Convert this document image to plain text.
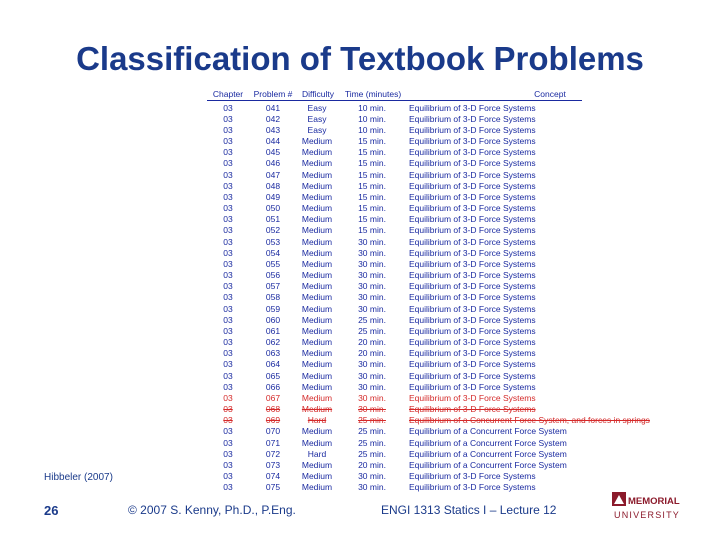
Classification of Textbook Problems
Chapter	Problem #	Difficulty	Time (minutes)	Concept
03	041	Easy	10 min.	Equilibrium of 3-D Force Systems
03	042	Easy	10 min.	Equilibrium of 3-D Force Systems
03	043	Easy	10 min.	Equilibrium of 3-D Force Systems
03	044	Medium	15 min.	Equilibrium of 3-D Force Systems
03	045	Medium	15 min.	Equilibrium of 3-D Force Systems
03	046	Medium	15 min.	Equilibrium of 3-D Force Systems
03	047	Medium	15 min.	Equilibrium of 3-D Force Systems
03	048	Medium	15 min.	Equilibrium of 3-D Force Systems
03	049	Medium	15 min.	Equilibrium of 3-D Force Systems
03	050	Medium	15 min.	Equilibrium of 3-D Force Systems
03	051	Medium	15 min.	Equilibrium of 3-D Force Systems
03	052	Medium	15 min.	Equilibrium of 3-D Force Systems
03	053	Medium	30 min.	Equilibrium of 3-D Force Systems
03	054	Medium	30 min.	Equilibrium of 3-D Force Systems
03	055	Medium	30 min.	Equilibrium of 3-D Force Systems
03	056	Medium	30 min.	Equilibrium of 3-D Force Systems
03	057	Medium	30 min.	Equilibrium of 3-D Force Systems
03	058	Medium	30 min.	Equilibrium of 3-D Force Systems
03	059	Medium	30 min.	Equilibrium of 3-D Force Systems
03	060	Medium	25 min.	Equilibrium of 3-D Force Systems
03	061	Medium	25 min.	Equilibrium of 3-D Force Systems
03	062	Medium	20 min.	Equilibrium of 3-D Force Systems
03	063	Medium	20 min.	Equilibrium of 3-D Force Systems
03	064	Medium	30 min.	Equilibrium of 3-D Force Systems
03	065	Medium	30 min.	Equilibrium of 3-D Force Systems
03	066	Medium	30 min.	Equilibrium of 3-D Force Systems
03	067	Medium	30 min.	Equilibrium of 3-D Force Systems
03	068	Medium	30 min.	Equilibrium of 3-D Force Systems
03	069	Hard	25 min.	Equilibrium of a Concurrent Force System, and forces in springs
03	070	Medium	25 min.	Equilibrium of a Concurrent Force System
03	071	Medium	25 min.	Equilibrium of a Concurrent Force System
03	072	Hard	25 min.	Equilibrium of a Concurrent Force System
03	073	Medium	20 min.	Equilibrium of a Concurrent Force System
03	074	Medium	30 min.	Equilibrium of 3-D Force Systems
03	075	Medium	30 min.	Equilibrium of 3-D Force Systems
Hibbeler (2007)
26	© 2007 S. Kenny, Ph.D., P.Eng.	ENGI 1313 Statics I – Lecture 12
MEMORIAL
UNIVERSITY
